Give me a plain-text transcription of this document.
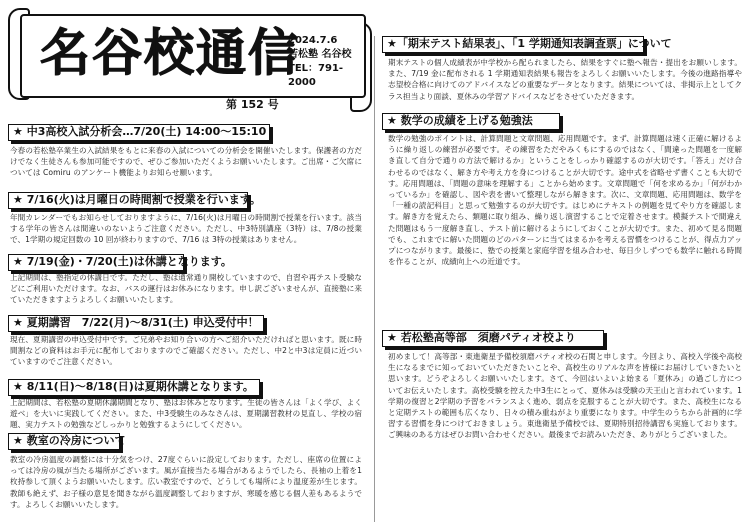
名谷校通信
2024.7.6
若松塾 名谷校
TEL：791-2000
第 152 号
★ 中3高校入試分析会…7/20(土) 14:00～15:10
今春の若松塾卒業生の入試結果をもとに来春の入試についての分析会を開催いたします。保護者の方だけでなく生徒さんも参加可能ですので、ぜひご参加いただくようお願いいたします。ご出席・ご欠席については Comiru のアンケート機能よりお知らせ願います。
★ 7/16(火)は月曜日の時間割で授業を行います。
年間カレンダーでもお知らせしておりますように、7/16(火)は月曜日の時間割で授業を行います。該当する学年の皆さんは間違いのないようご注意ください。ただし、中3特別講座（3特）は、7/8の授業で、1学期の規定回数の 10 回が終わりますので、7/16 は 3特の授業はありません。
★ 7/19(金)・7/20(土)は休講となります。
上記期間は、塾指定の休講日です。ただし、塾は通常通り開校していますので、自習や再テスト受験などにご利用いただけます。なお、バスの運行はお休みになります。申し訳ございませんが、直接塾に来ていただきますようよろしくお願いいたします。
★ 夏期講習　7/22(月)～8/31(土) 申込受付中！
現在、夏期講習の申込受付中です。ご兄弟やお知り合いの方へご紹介いただければと思います。既に時間割などの資料はお手元に配布しておりますのでご確認ください。ただし、中2と中3は定員に近づいていますのでご注意ください。
★ 8/11(日)～8/18(日)は夏期休講となります。
上記期間は、若松塾の夏期休講期間となり、塾はお休みとなります。生徒の皆さんは「よく学び、よく遊べ」を大いに実践してください。また、中3受験生のみなさんは、夏期講習教材の見直し、学校の宿題、実力テストの勉強などしっかりと勉強するようにしてください。
★ 教室の冷房について
教室の冷房温度の調整には十分気をつけ、27度ぐらいに設定しております。ただし、座席の位置によっては冷房の風が当たる場所がございます。風が直接当たる場合があるようでしたら、長袖の上着を1枚持参して頂くようお願いいたします。広い教室ですので、どうしても場所により温度差が生じます。教師も絶えず、お子様の意見を聞きながら温度調整しておりますが、寒暖を感じる個人差もあるようです。よろしくお願いいたします。
★「期末テスト結果表」、「1 学期通知表調査票」について
期末テストの個人成績表が中学校から配られましたら、結果をすぐに塾へ報告・提出をお願いします。また、7/19 金に配布される 1 学期通知表結果も報告をよろしくお願いいたします。今後の進路指導や志望校合格に向けてのアドバイスなどの重要なデータとなります。結果については、非掲示上としてクラス担当より面談、夏休みの学習アドバイスなどをさせていただきます。
★ 数学の成績を上げる勉強法
数学の勉強のポイントは、計算問題と文章問題、応用問題です。まず、計算問題は速く正確に解けるように繰り返しの練習が必要です。その練習をただやみくもにするのではなく、「間違った問題を一度解き直して自分で通りの方法で解けるか」ということをしっかり確認するのが大切です。「答え」だけ合わせるのではなく、解き方や考え方を身につけることが大切です。途中式を省略せず書くことも大切です。応用問題は、「問題の意味を理解する」ことから始めます。文章問題で「何を求めるか」「何がわかっているか」を確認し、図や表を書いて整理しながら解きます。次に、文章問題、応用問題は、数学を「一種の読記科目」と思って勉強するのが大切です。はじめにテキストの例題を見てやり方を確認します。解き方を覚えたら、類題に取り組み、繰り返し演習することで定着させます。模擬テストで間違えた問題はもう一度解き直し、テスト前に解けるようにしておくことが大切です。また、初めて見る問題でも、これまでに解いた問題のどのパターンに当てはまるかを考える習慣をつけることが、得点力アップにつながります。最後に、塾での授業と家庭学習を組み合わせ、毎日少しずつでも数学に触れる時間を作ることが、成績向上への近道です。
★ 若松塾高等部　須磨パティオ校より
初めまして！高等部・東進衛星予備校須磨パティオ校の石関と申します。今回より、高校入学後や高校生になるまでに知っておいていただきたいことや、高校生のリアルな声を皆様にお届けしていきたいと思います。どうぞよろしくお願いいたします。さて、今回はいよいよ始まる「夏休み」の過ごし方についてお伝えいたします。高校受験を控えた中3生にとって、夏休みは受験の天王山と言われています。1学期の復習と2学期の予習をバランスよく進め、弱点を克服することが大切です。また、高校生になると定期テストの範囲も広くなり、日々の積み重ねがより重要になります。中学生のうちから計画的に学習する習慣を身につけておきましょう。東進衛星予備校では、夏期特別招待講習も実施しております。ご興味のある方はぜひお問い合わせください。最後までお読みいただき、ありがとうございました。
